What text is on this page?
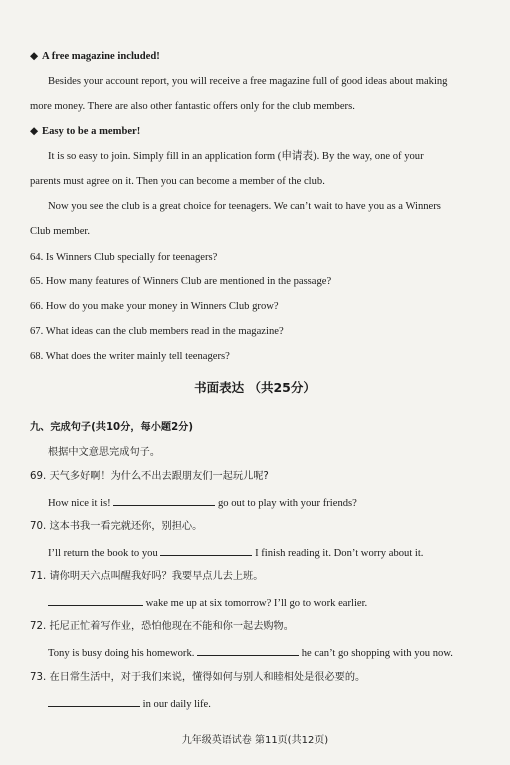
◆ A free magazine included!
Besides your account report, you will receive a free magazine full of good ideas about making
more money. There are also other fantastic offers only for the club members.
◆ Easy to be a member!
It is so easy to join. Simply fill in an application form (申请表). By the way, one of your
parents must agree on it. Then you can become a member of the club.
Now you see the club is a great choice for teenagers. We can’t wait to have you as a Winners
Club member.
64. Is Winners Club specially for teenagers?
65. How many features of Winners Club are mentioned in the passage?
66. How do you make your money in Winners Club grow?
67. What ideas can the club members read in the magazine?
68. What does the writer mainly tell teenagers?
书面表达 （共25分）
九、完成句子(共10分，每小题2分)
根据中文意思完成句子。
69. 天气多好啊！为什么不出去跟朋友们一起玩儿呢?
How nice it is!	go out to play with your friends?
70. 这本书我一看完就还你，别担心。
I’ll return the book to you	I finish reading it. Don’t worry about it.
71. 请你明天六点叫醒我好吗？我要早点儿去上班。
wake me up at six tomorrow? I’ll go to work earlier.
72. 托尼正忙着写作业，恐怕他现在不能和你一起去购物。
Tony is busy doing his homework.	he can’t go shopping with you now.
73. 在日常生活中，对于我们来说，懂得如何与别人和睦相处是很必要的。
in our daily life.
九年级英语试卷 第11页(共12页)
